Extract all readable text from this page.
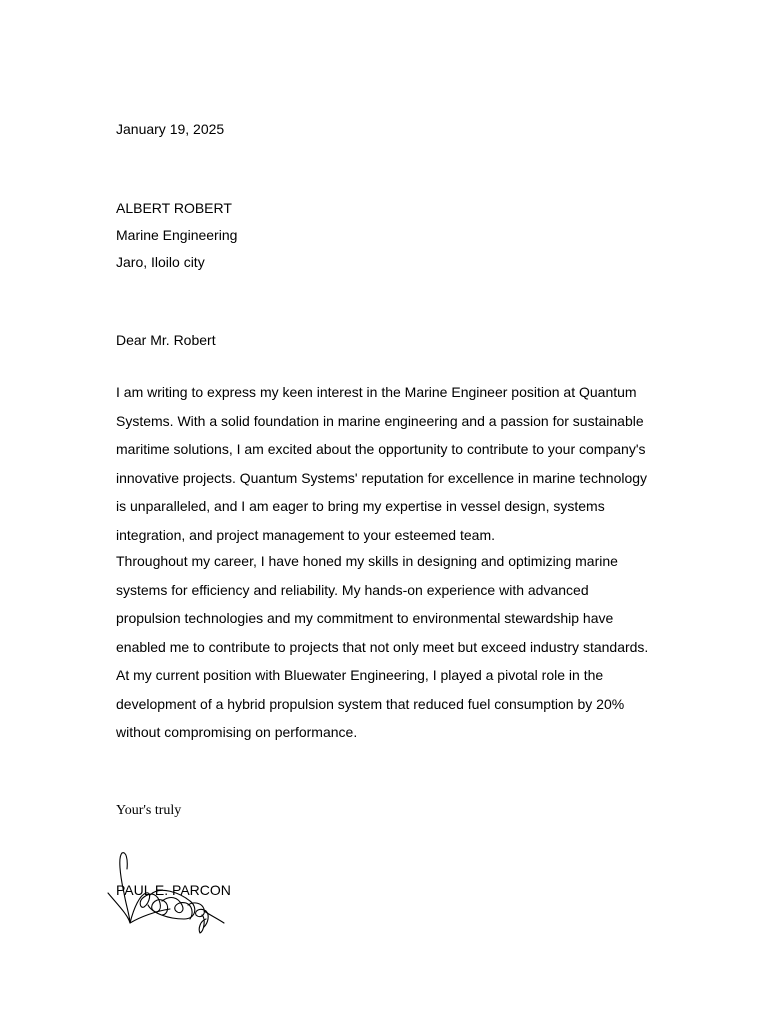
January 19, 2025
ALBERT ROBERT
Marine Engineering
Jaro, Iloilo city
Dear Mr. Robert
I am writing to express my keen interest in the Marine Engineer position at Quantum Systems. With a solid foundation in marine engineering and a passion for sustainable maritime solutions, I am excited about the opportunity to contribute to your company's innovative projects. Quantum Systems' reputation for excellence in marine technology is unparalleled, and I am eager to bring my expertise in vessel design, systems integration, and project management to your esteemed team.
Throughout my career, I have honed my skills in designing and optimizing marine systems for efficiency and reliability. My hands-on experience with advanced propulsion technologies and my commitment to environmental stewardship have enabled me to contribute to projects that not only meet but exceed industry standards. At my current position with Bluewater Engineering, I played a pivotal role in the development of a hybrid propulsion system that reduced fuel consumption by 20% without compromising on performance.
Your's truly
PAUL E. PARCON
